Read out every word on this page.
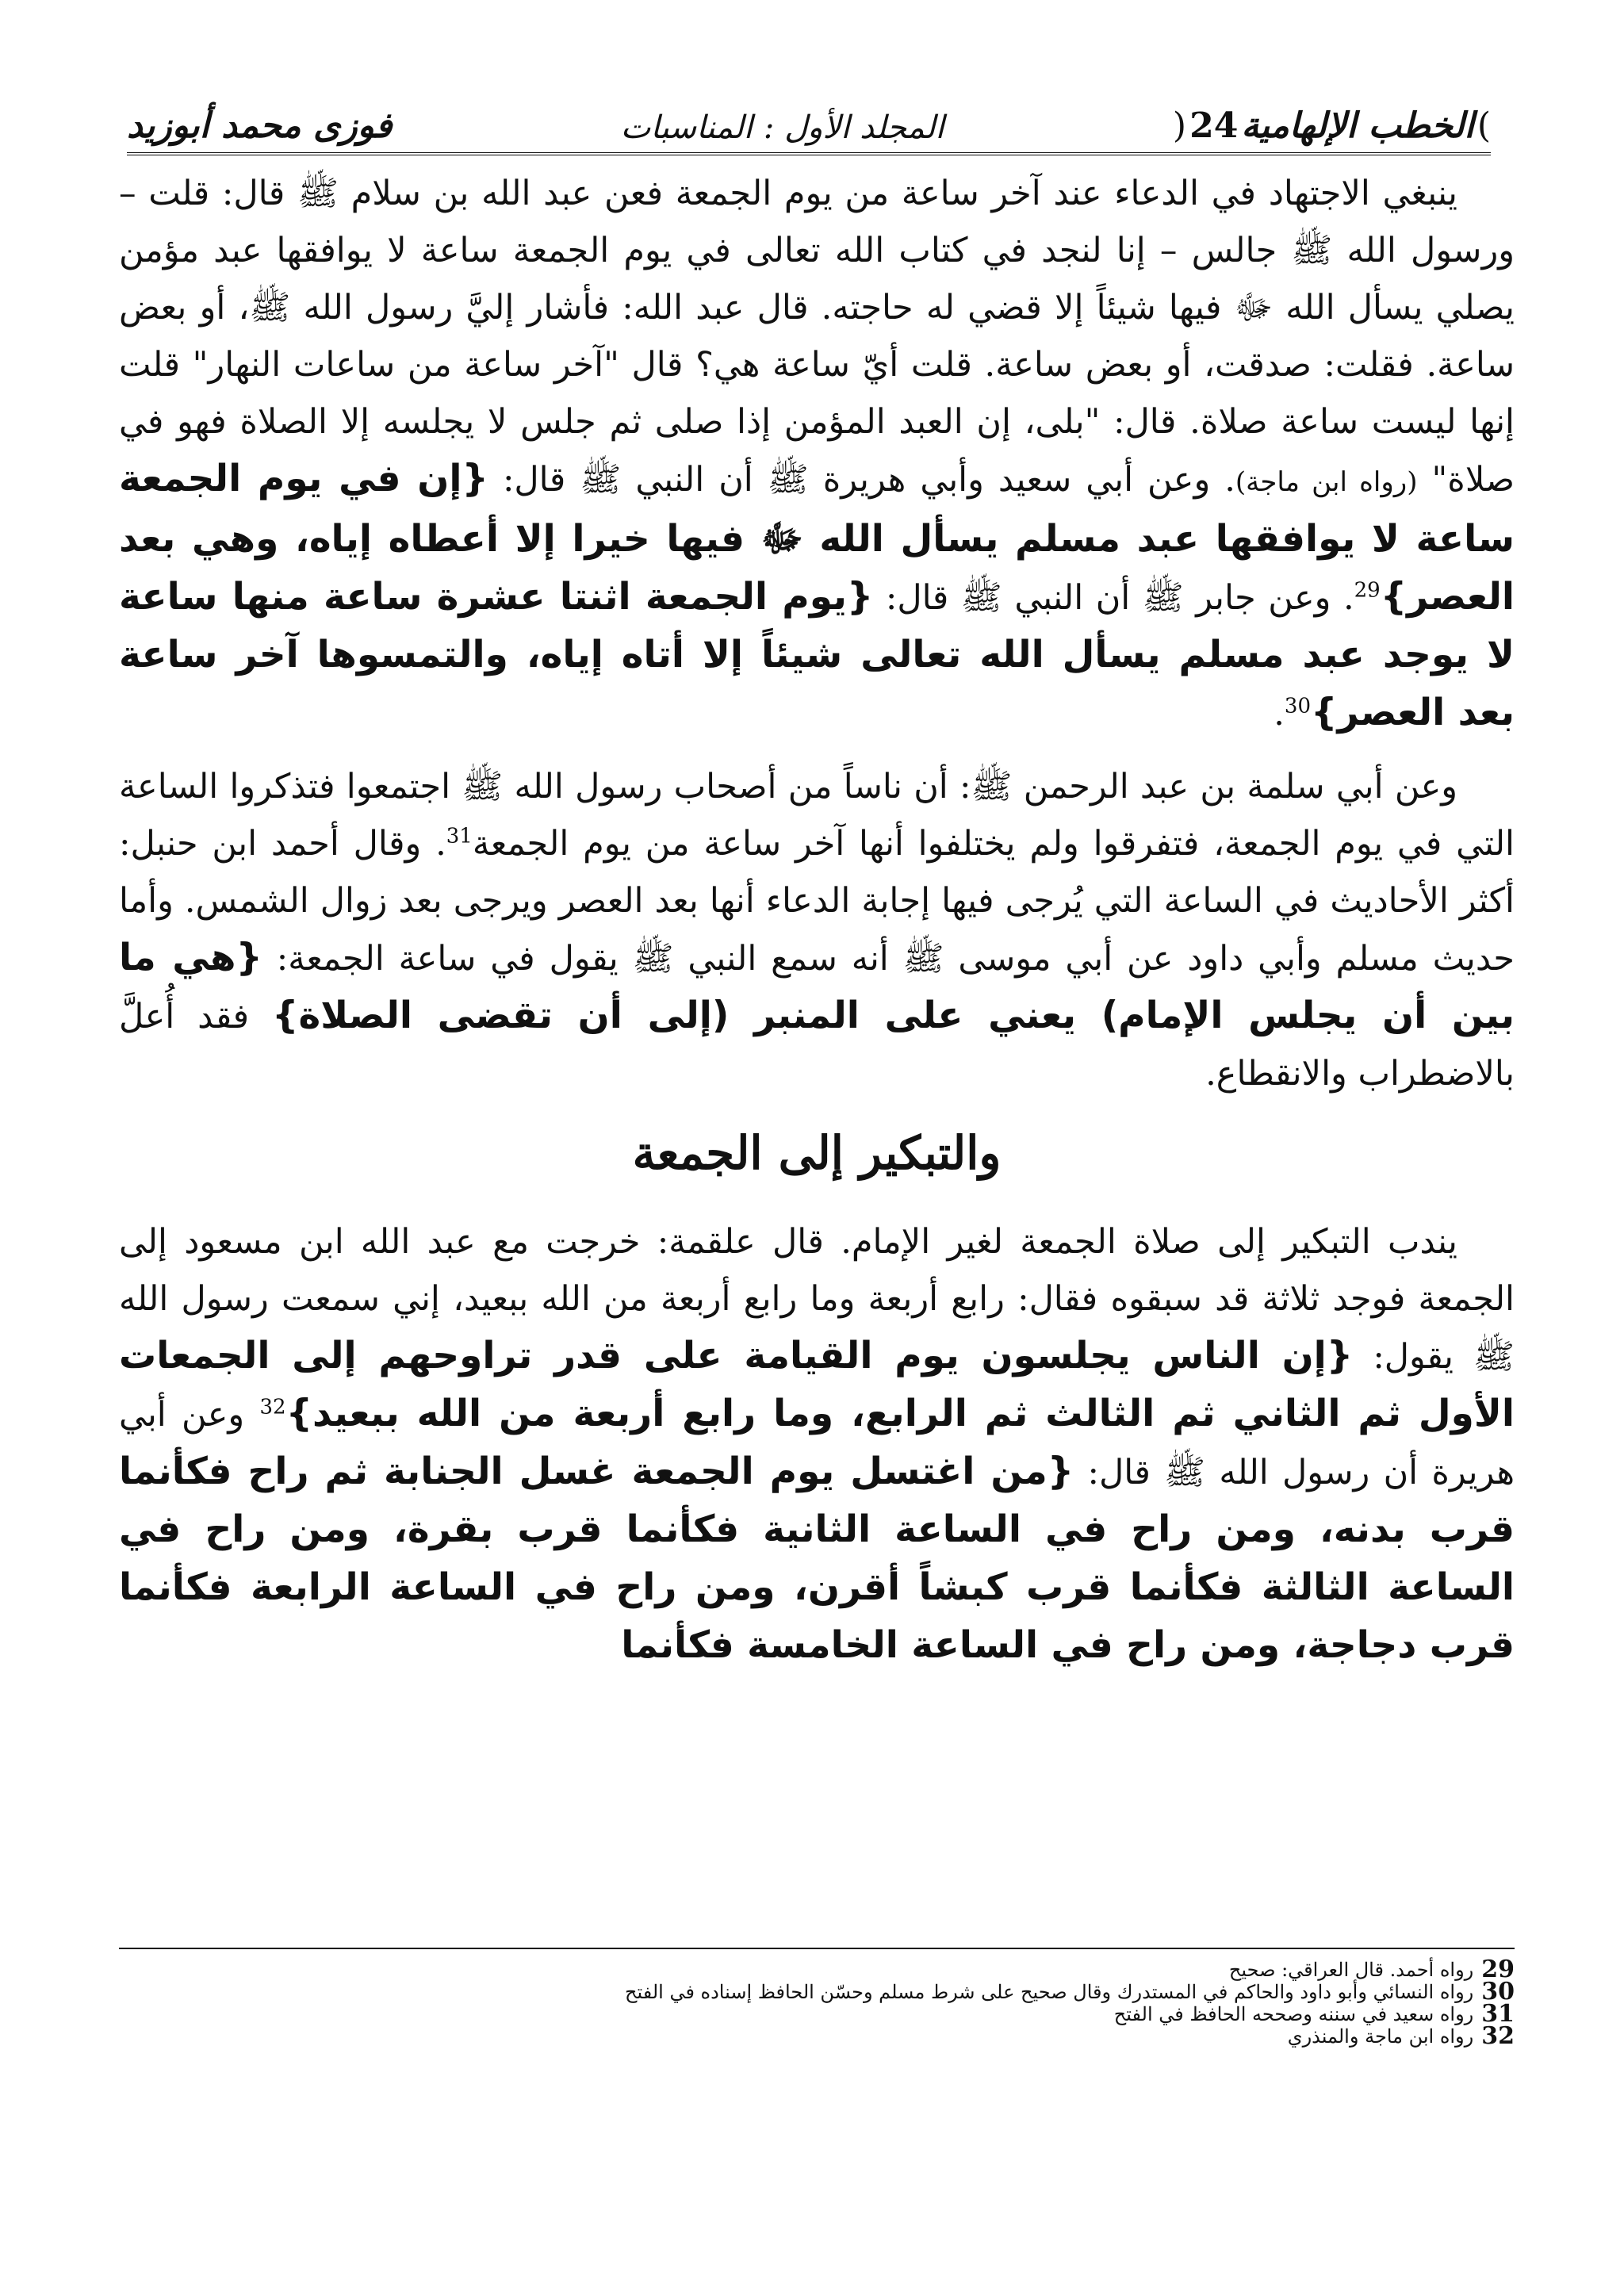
)
الخطب الإلهامية
24
(
المجلد الأول :
المناسبات
فوزى محمد أبوزيد

ينبغي الاجتهاد في الدعاء عند آخر ساعة من يوم الجمعة فعن عبد الله بن سلام ﷺ قال: قلت – ورسول الله ﷺ جالس – إنا لنجد في كتاب الله تعالى في يوم الجمعة ساعة لا يوافقها عبد مؤمن يصلي يسأل الله ﷻ فيها شيئاً إلا قضي له حاجته. قال عبد الله: فأشار إليَّ رسول الله ﷺ، أو بعض ساعة. فقلت: صدقت، أو بعض ساعة. قلت أيّ ساعة هي؟ قال "آخر ساعة من ساعات النهار" قلت إنها ليست ساعة صلاة. قال: "بلى، إن العبد المؤمن إذا صلى ثم جلس لا يجلسه إلا الصلاة فهو في صلاة" (رواه ابن ماجة). وعن أبي سعيد وأبي هريرة ﷺ أن النبي ﷺ قال: {إن في يوم الجمعة ساعة لا يوافقها عبد مسلم يسأل الله ﷻ فيها خيرا إلا أعطاه إياه، وهي بعد العصر}$^{29}$. وعن جابر ﷺ أن النبي ﷺ قال: {يوم الجمعة اثنتا عشرة ساعة منها ساعة لا يوجد عبد مسلم يسأل الله تعالى شيئاً إلا أتاه إياه، والتمسوها آخر ساعة بعد العصر}$^{30}$.

وعن أبي سلمة بن عبد الرحمن ﷺ: أن ناساً من أصحاب رسول الله ﷺ اجتمعوا فتذكروا الساعة التي في يوم الجمعة، فتفرقوا ولم يختلفوا أنها آخر ساعة من يوم الجمعة$^{31}$. وقال أحمد ابن حنبل: أكثر الأحاديث في الساعة التي يُرجى فيها إجابة الدعاء أنها بعد العصر ويرجى بعد زوال الشمس. وأما حديث مسلم وأبي داود عن أبي موسى ﷺ أنه سمع النبي ﷺ يقول في ساعة الجمعة: {هي ما بين أن يجلس الإمام) يعني على المنبر (إلى أن تقضى الصلاة} فقد أُعلَّ بالاضطراب والانقطاع.

والتبكير إلى الجمعة

يندب التبكير إلى صلاة الجمعة لغير الإمام. قال علقمة: خرجت مع عبد الله ابن مسعود إلى الجمعة فوجد ثلاثة قد سبقوه فقال: رابع أربعة وما رابع أربعة من الله ببعيد، إني سمعت رسول الله ﷺ يقول: {إن الناس يجلسون يوم القيامة على قدر تراوحهم إلى الجمعات الأول ثم الثاني ثم الثالث ثم الرابع، وما رابع أربعة من الله ببعيد}$^{32}$ وعن أبي هريرة أن رسول الله ﷺ قال: {من اغتسل يوم الجمعة غسل الجنابة ثم راح فكأنما قرب بدنه، ومن راح في الساعة الثانية فكأنما قرب بقرة، ومن راح في الساعة الثالثة فكأنما قرب كبشاً أقرن، ومن راح في الساعة الرابعة فكأنما قرب دجاجة، ومن راح في الساعة الخامسة فكأنما

29
رواه أحمد. قال العراقي: صحيح
30
رواه النسائي وأبو داود والحاكم في المستدرك وقال صحيح على شرط مسلم وحسّن الحافظ إسناده في الفتح
31
رواه سعيد في سننه وصححه الحافظ في الفتح
32
رواه ابن ماجة والمنذري
